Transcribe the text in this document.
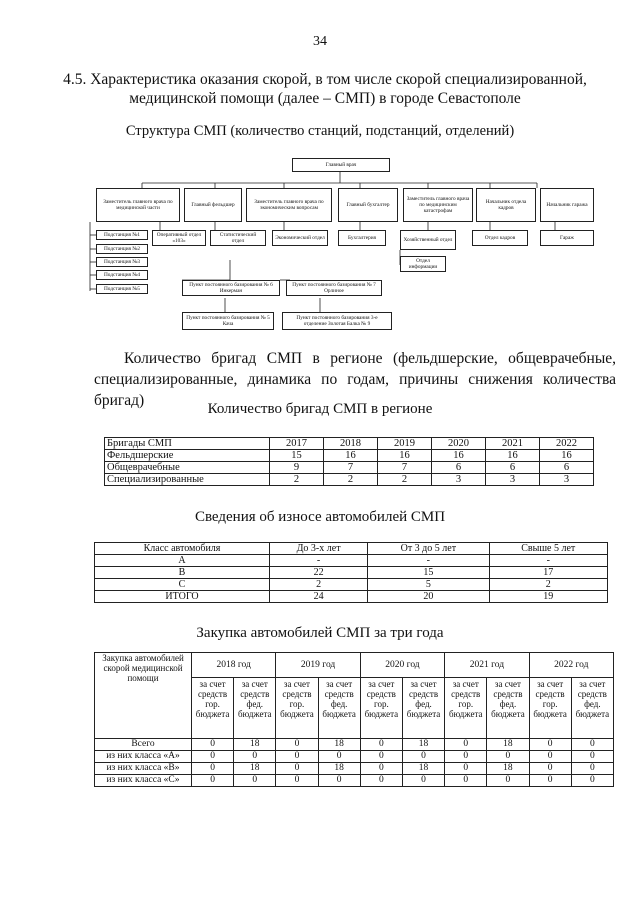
34
4.5. Характеристика оказания скорой, в том числе скорой специализированной,
медицинской помощи (далее – СМП) в городе Севастополе
Структура СМП (количество станций, подстанций, отделений)
Главный врач
Заместитель главного врача по медицинской части	Главный фельдшер	Заместитель главного врача по экономическим вопросам	Главный бухгалтер
Заместитель главного врача по медицинским катастрофам
Начальник отдела кадров	Начальник гаража
Подстанция №1
Подстанция №2
Подстанция №3
Подстанция №4
Подстанция №5
Оперативный отдел «103»
Статистический отдел	Экономический отдел	Бухгалтерия	Хозяйственный отдел	Отдел кадров	Гараж
Отдел информации
Пункт постоянного базирования № 6 Инкерман
Пункт постоянного базирования № 7 Орлиное
Пункт постоянного базирования № 5 Кача
Пункт постоянного базирования 3-е отделение Золотая Балка № 9
Количество бригад СМП в регионе (фельдшерские, общеврачебные,
специализированные, динамика по годам, причины снижения количества
бригад)	Количество бригад СМП в регионе
Бригады СМП	2017	2018	2019	2020	2021	2022
Фельдшерские	15	16	16	16	16	16
Общеврачебные	9	7	7	6	6	6
Специализированные	2	2	2	3	3	3
Сведения об износе автомобилей СМП
Класс автомобиля	До 3-х лет	От 3 до 5 лет	Свыше 5 лет
А	-	-	-
В	22	15	17
С	2	5	2
ИТОГО	24	20	19
Закупка автомобилей СМП за три года
Закупка автомобилей скорой медицинской помощи	2018 год		2019 год		2020 год		2021 год		2022 год	
	за счет средств гор. бюджета	за счет средств фед. бюджета	за счет средств гор. бюджета	за счет средств фед. бюджета	за счет средств гор. бюджета	за счет средств фед. бюджета	за счет средств гор. бюджета	за счет средств фед. бюджета	за счет средств гор. бюджета	за счет средств фед. бюджета
Всего	0	18	0	18	0	18	0	18	0	0
из них класса «А»	0	0	0	0	0	0	0	0	0	0
из них класса «В»	0	18	0	18	0	18	0	18	0	0
из них класса «С»	0	0	0	0	0	0	0	0	0	0
